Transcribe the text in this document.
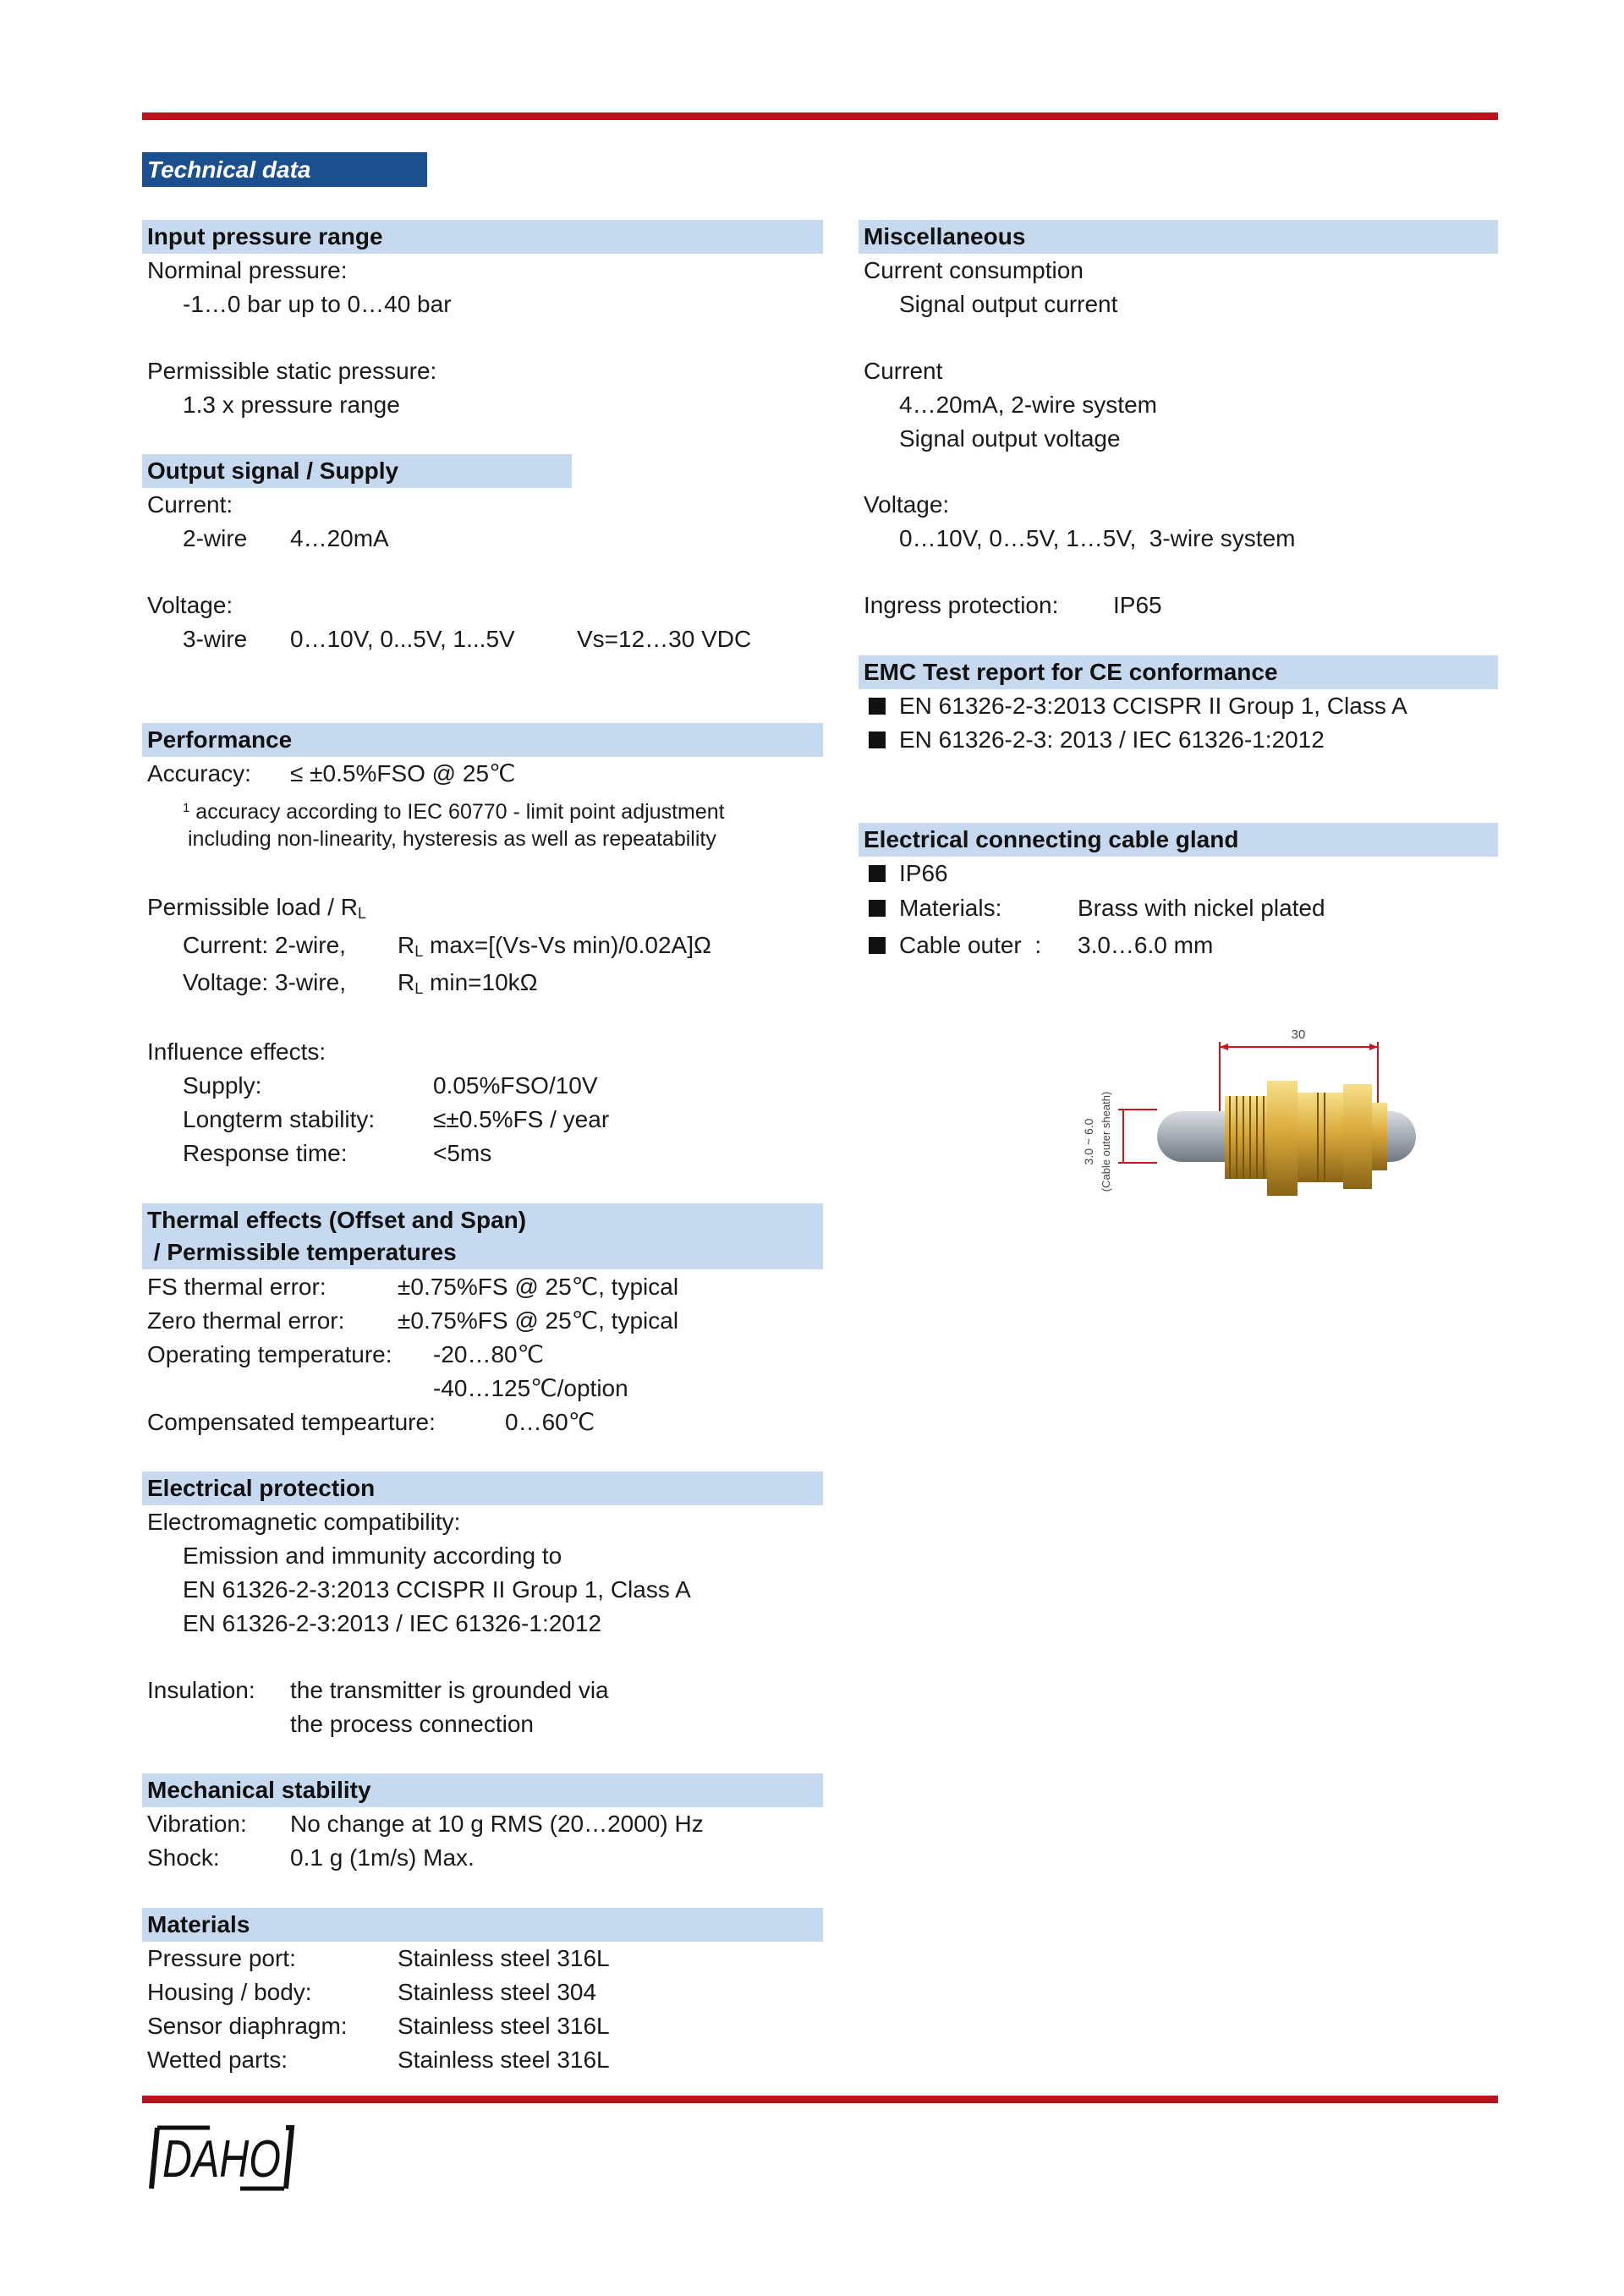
Technical data
Input pressure range
Norminal pressure:
-1…0 bar up to 0…40 bar
Permissible static pressure:
1.3 x pressure range
Output signal / Supply
Current:
2-wire 4…20mA
Voltage:
3-wire 0…10V, 0...5V, 1...5V	Vs=12…30 VDC
Performance
Accuracy: ≤ ±0.5%FSO @ 25℃
$^1$ accuracy according to IEC 60770 - limit point adjustment
including non-linearity, hysteresis as well as repeatability
Permissible load / $R_L$
Current: 2-wire, $R_L$ max=[(Vs-Vs min)/0.02A]Ω
Voltage: 3-wire, $R_L$ min=10kΩ
Influence effects:
Supply:	0.05%FSO/10V
Longterm stability: ≤±0.5%FS / year
Response time:	<5ms
Thermal effects (Offset and Span)
/ Permissible temperatures
FS thermal error:	±0.75%FS @ 25℃, typical
Zero thermal error: ±0.75%FS @ 25℃, typical
Operating temperature: -20…80℃
-40…125℃/option
Compensated tempearture:	0…60℃
Electrical protection
Electromagnetic compatibility:
Emission and immunity according to
EN 61326-2-3:2013 CCISPR II Group 1, Class A
EN 61326-2-3:2013 / IEC 61326-1:2012
Insulation: the transmitter is grounded via
the process connection
Mechanical stability
Vibration: No change at 10 g RMS (20…2000) Hz
Shock:	0.1 g (1m/s) Max.
Materials
Pressure port:	Stainless steel 316L
Housing / body:	Stainless steel 304
Sensor diaphragm: Stainless steel 316L
Wetted parts:	Stainless steel 316L
Miscellaneous
Current consumption
Signal output current
Current
4…20mA, 2-wire system
Signal output voltage
Voltage:
0…10V, 0…5V, 1…5V,  3-wire system
Ingress protection: IP65
EMC Test report for CE conformance
EN 61326-2-3:2013 CCISPR II Group 1, Class A
EN 61326-2-3: 2013 / IEC 61326-1:2012
Electrical connecting cable gland
IP66
Materials:	Brass with nickel plated
Cable outer  : 3.0…6.0 mm
30
3.0 ~ 6.0 (Cable outer sheath)
DAHO
